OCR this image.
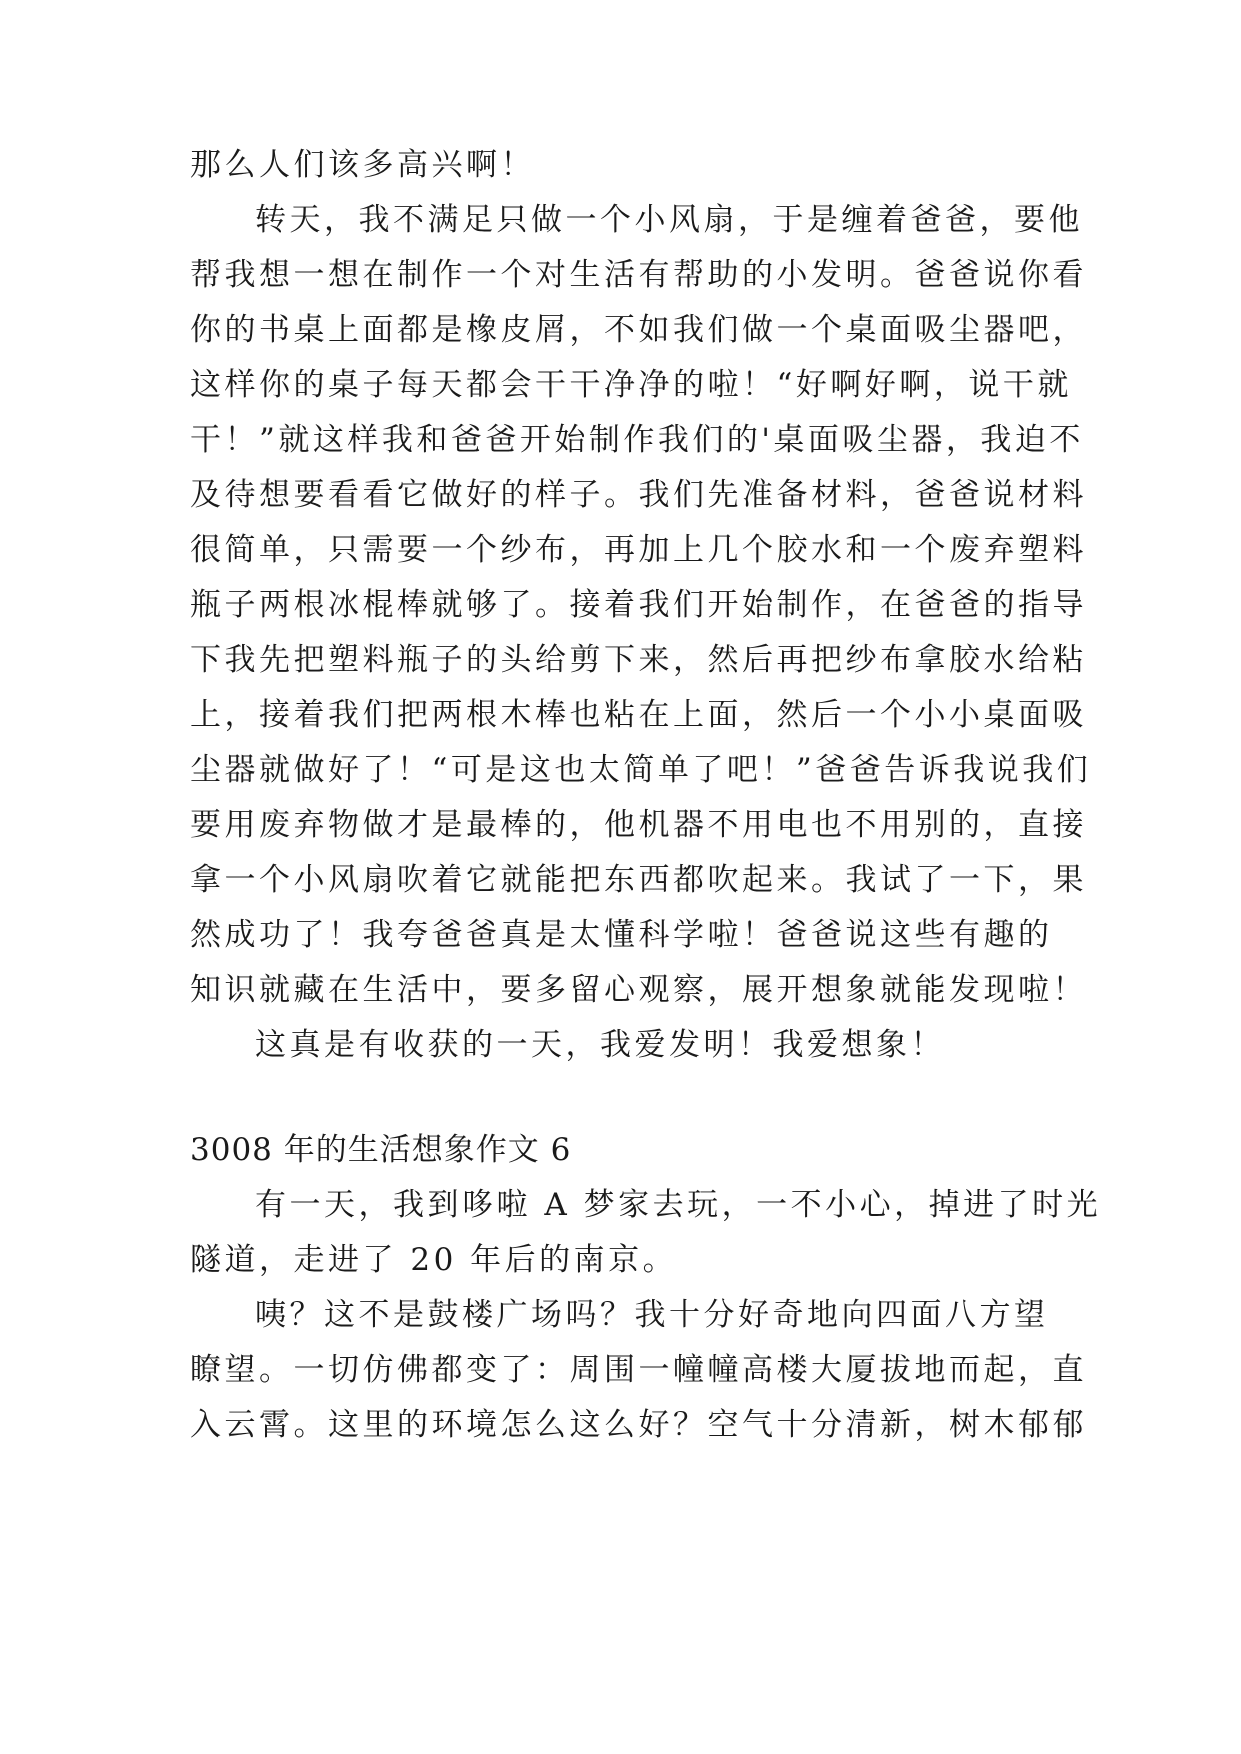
那么人们该多高兴啊！
转天，我不满足只做一个小风扇，于是缠着爸爸，要他
帮我想一想在制作一个对生活有帮助的小发明。爸爸说你看
你的书桌上面都是橡皮屑，不如我们做一个桌面吸尘器吧，
这样你的桌子每天都会干干净净的啦！“好啊好啊，说干就
干！”就这样我和爸爸开始制作我们的'桌面吸尘器，我迫不
及待想要看看它做好的样子。我们先准备材料，爸爸说材料
很简单，只需要一个纱布，再加上几个胶水和一个废弃塑料
瓶子两根冰棍棒就够了。接着我们开始制作，在爸爸的指导
下我先把塑料瓶子的头给剪下来，然后再把纱布拿胶水给粘
上，接着我们把两根木棒也粘在上面，然后一个小小桌面吸
尘器就做好了！“可是这也太简单了吧！”爸爸告诉我说我们
要用废弃物做才是最棒的，他机器不用电也不用别的，直接
拿一个小风扇吹着它就能把东西都吹起来。我试了一下，果
然成功了！我夸爸爸真是太懂科学啦！爸爸说这些有趣的
知识就藏在生活中，要多留心观察，展开想象就能发现啦！
这真是有收获的一天，我爱发明！我爱想象！
3008 年的生活想象作文 6
有一天，我到哆啦 A 梦家去玩，一不小心，掉进了时光
隧道，走进了 20 年后的南京。
咦？这不是鼓楼广场吗？我十分好奇地向四面八方望
瞭望。一切仿佛都变了：周围一幢幢高楼大厦拔地而起，直
入云霄。这里的环境怎么这么好？空气十分清新，树木郁郁
